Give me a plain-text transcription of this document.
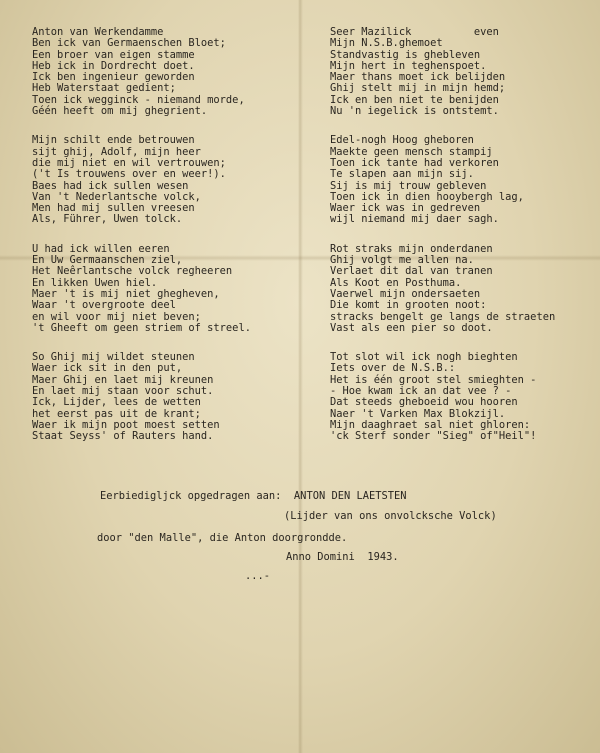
Anton van Werkendamme
Ben ick van Germaenschen Bloet;
Een broer van eigen stamme
Heb ick in Dordrecht doet.
Ick ben ingenieur geworden
Heb Waterstaat gedient;
Toen ick wegginck - niemand morde,
Géén heeft om mij ghegrient.
Mijn schilt ende betrouwen
sijt ghij, Adolf, mijn heer
die mij niet en wil vertrouwen;
('t Is trouwens over en weer!).
Baes had ick sullen wesen
Van 't Nederlantsche volck,
Men had mij sullen vreesen
Als, Führer, Uwen tolck.
U had ick willen eeren
En Uw Germaanschen ziel,
Het Neêrlantsche volck regheeren
En likken Uwen hiel.
Maer 't is mij niet ghegheven,
Waar 't overgroote deel
en wil voor mij niet beven;
't Gheeft om geen striem of streel.
So Ghij mij wildet steunen
Waer ick sit in den put,
Maer Ghij en laet mij kreunen
En laet mij staan voor schut.
Ick, Lijder, lees de wetten
het eerst pas uit de krant;
Waer ik mijn poot moest setten
Staat Seyss' of Rauters hand.
Seer Mazilick          even
Mijn N.S.B.ghemoet
Standvastig is ghebleven
Mijn hert in teghenspoet.
Maer thans moet ick belijden
Ghij stelt mij in mijn hemd;
Ick en ben niet te benijden
Nu 'n iegelick is ontstemt.
Edel-nogh Hoog gheboren
Maekte geen mensch stampij
Toen ick tante had verkoren
Te slapen aan mijn sij.
Sij is mij trouw gebleven
Toen ick in dien hooybergh lag,
Waer ick was in gedreven
wijl niemand mij daer sagh.
Rot straks mijn onderdanen
Ghij volgt me allen na.
Verlaet dit dal van tranen
Als Koot en Posthuma.
Vaerwel mijn ondersaeten
Die komt in grooten noot:
stracks bengelt ge langs de straeten
Vast als een pier so doot.
Tot slot wil ick nogh bieghten
Iets over de N.S.B.:
Het is één groot stel smieghten -
- Hoe kwam ick an dat vee ? -
Dat steeds gheboeid wou hooren
Naer 't Varken Max Blokzijl.
Mijn daaghraet sal niet ghloren:
'ck Sterf sonder "Sieg" of"Heil"!
Eerbiedigljck opgedragen aan:  ANTON DEN LAETSTEN
(Lijder van ons onvolcksche Volck)
door "den Malle", die Anton doorgrondde.
Anno Domini  1943.
...-
